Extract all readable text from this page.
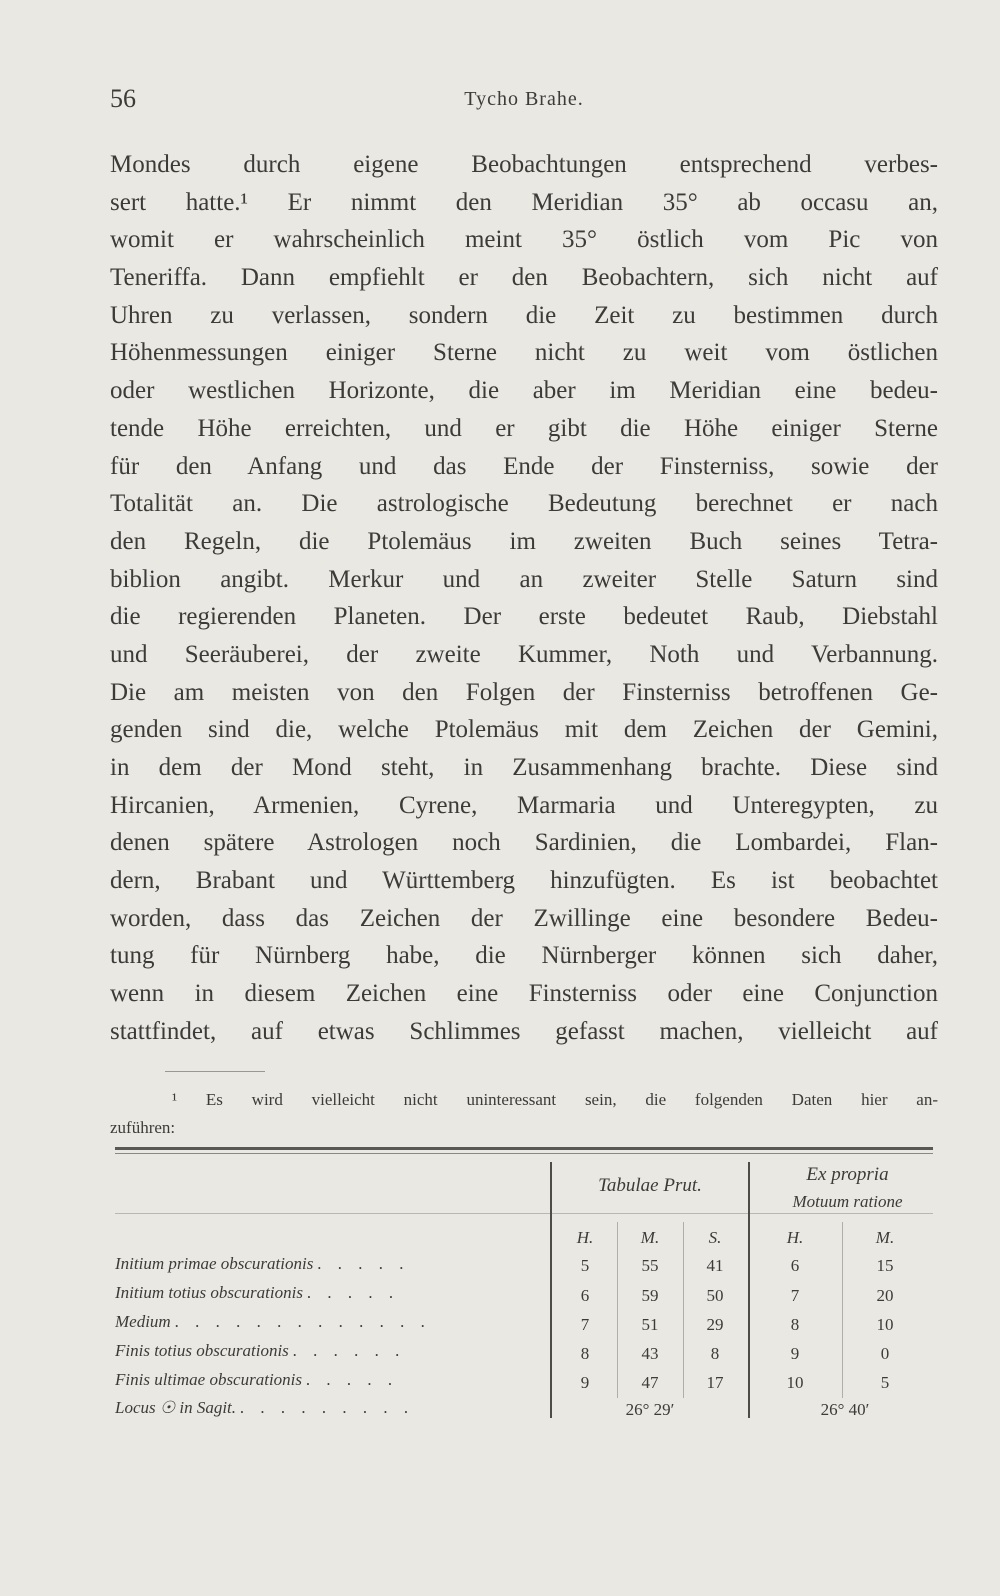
56	Tycho Brahe.
Mondes durch eigene Beobachtungen entsprechend verbes-
sert hatte.¹ Er nimmt den Meridian 35° ab occasu an,
womit er wahrscheinlich meint 35° östlich vom Pic von
Teneriffa. Dann empfiehlt er den Beobachtern, sich nicht auf
Uhren zu verlassen, sondern die Zeit zu bestimmen durch
Höhenmessungen einiger Sterne nicht zu weit vom östlichen
oder westlichen Horizonte, die aber im Meridian eine bedeu-
tende Höhe erreichten, und er gibt die Höhe einiger Sterne
für den Anfang und das Ende der Finsterniss, sowie der
Totalität an. Die astrologische Bedeutung berechnet er nach
den Regeln, die Ptolemäus im zweiten Buch seines Tetra-
biblion angibt. Merkur und an zweiter Stelle Saturn sind
die regierenden Planeten. Der erste bedeutet Raub, Diebstahl
und Seeräuberei, der zweite Kummer, Noth und Verbannung.
Die am meisten von den Folgen der Finsterniss betroffenen Ge-
genden sind die, welche Ptolemäus mit dem Zeichen der Gemini,
in dem der Mond steht, in Zusammenhang brachte. Diese sind
Hircanien, Armenien, Cyrene, Marmaria und Unteregypten, zu
denen spätere Astrologen noch Sardinien, die Lombardei, Flan-
dern, Brabant und Württemberg hinzufügten. Es ist beobachtet
worden, dass das Zeichen der Zwillinge eine besondere Bedeu-
tung für Nürnberg habe, die Nürnberger können sich daher,
wenn in diesem Zeichen eine Finsterniss oder eine Conjunction
stattfindet, auf etwas Schlimmes gefasst machen, vielleicht auf
¹ Es wird vielleicht nicht uninteressant sein, die folgenden Daten hier an-
zuführen:
Tabulae Prut.
Ex propria
Motuum ratione
H.	M.	S.	H.	M.
Initium primae obscurationis . . . . .	5	55	41	6	15
Initium totius obscurationis . . . . .	6	59	50	7	20
Medium . . . . . . . . . . . . .	7	51	29	8	10
Finis totius obscurationis . . . . . .	8	43	8	9	0
Finis ultimae obscurationis . . . . .	9	47	17	10	5
Locus ☉ in Sagit. . . . . . . . . .	26° 29′	26° 40′
